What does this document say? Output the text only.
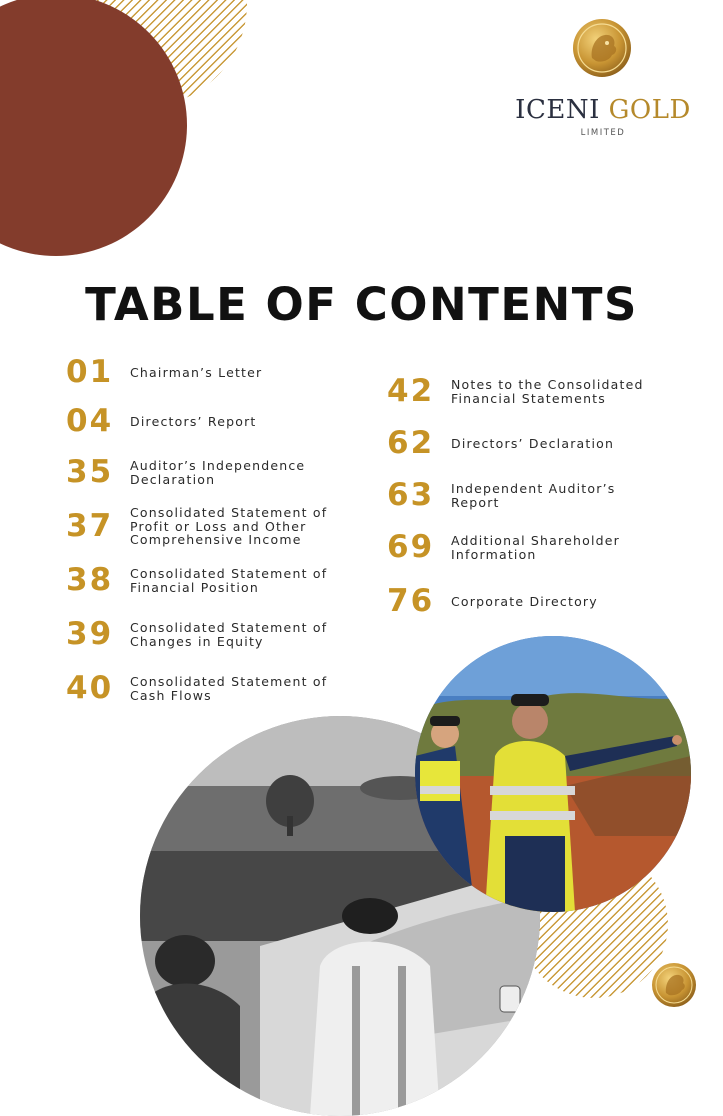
ICENI GOLD
LIMITED
TABLE OF CONTENTS
01	Chairman’s Letter
04	Directors’ Report
35	Auditor’s Independence
Declaration
37	Consolidated Statement of
Profit or Loss and Other
Comprehensive Income
38	Consolidated Statement of
Financial Position
39	Consolidated Statement of
Changes in Equity
40	Consolidated Statement of
Cash Flows
42	Notes to the Consolidated
Financial Statements
62	Directors’ Declaration
63	Independent Auditor’s
Report
69	Additional Shareholder
Information
76	Corporate Directory
